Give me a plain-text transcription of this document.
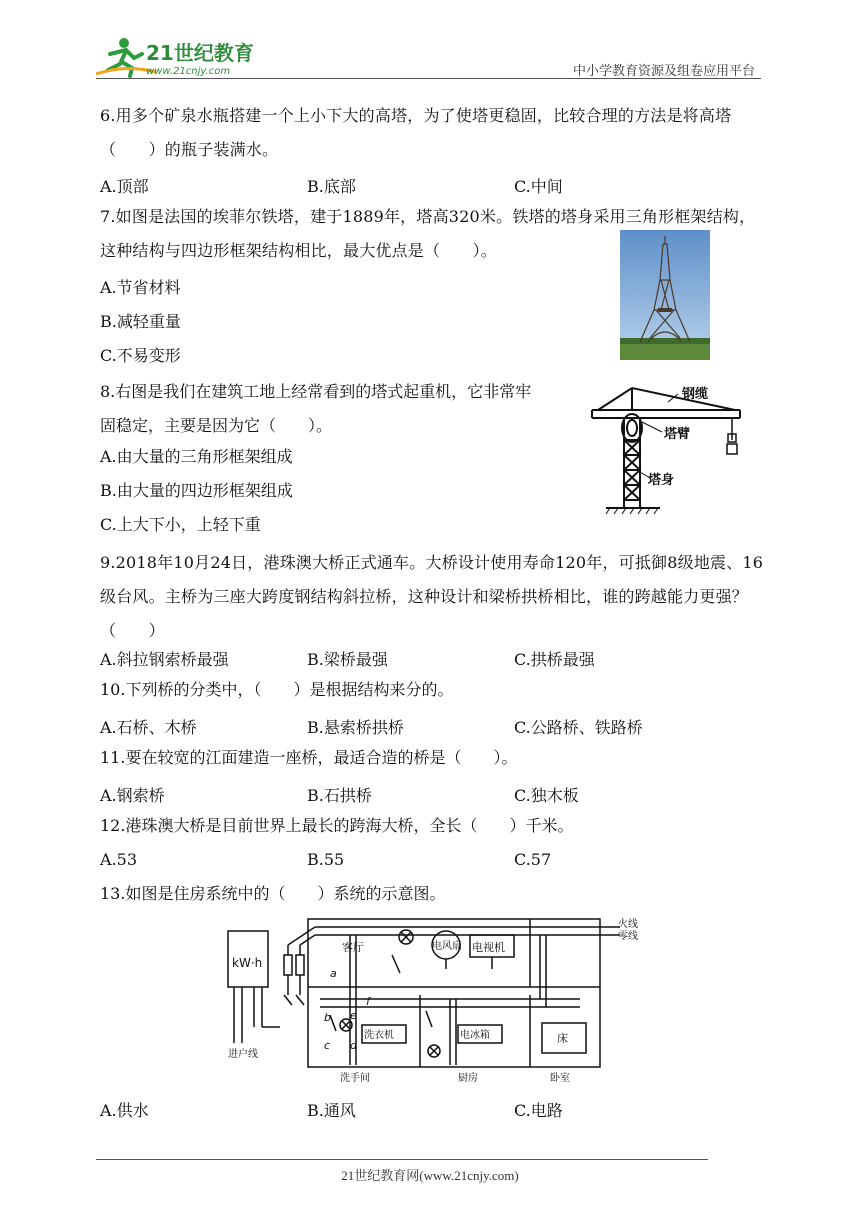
21世纪教育
www.21cnjy.com	中小学教育资源及组卷应用平台
6.用多个矿泉水瓶搭建一个上小下大的高塔，为了使塔更稳固，比较合理的方法是将高塔（　　）的瓶子装满水。
A.顶部	B.底部	C.中间
7.如图是法国的埃菲尔铁塔，建于1889年，塔高320米。铁塔的塔身采用三角形框架结构，这种结构与四边形框架结构相比，最大优点是（　　）。
A.节省材料
B.减轻重量
C.不易变形
8.右图是我们在建筑工地上经常看到的塔式起重机，它非常牢
固稳定，主要是因为它（　　）。
A.由大量的三角形框架组成
B.由大量的四边形框架组成
C.上大下小，上轻下重
钢缆
塔臂
塔身
9.2018年10月24日，港珠澳大桥正式通车。大桥设计使用寿命120年，可抵御8级地震、16级台风。主桥为三座大跨度钢结构斜拉桥，这种设计和梁桥拱桥相比，谁的跨越能力更强？（　　）
A.斜拉钢索桥最强	B.梁桥最强	C.拱桥最强
10.下列桥的分类中，（　　）是根据结构来分的。
A.石桥、木桥	B.悬索桥拱桥	C.公路桥、铁路桥
11.要在较宽的江面建造一座桥，最适合造的桥是（　　）。
A.钢索桥	B.石拱桥	C.独木板
12.港珠澳大桥是目前世界上最长的跨海大桥，全长（　　）千米。
A.53	B.55	C.57
13.如图是住房系统中的（　　）系统的示意图。
kW·h
客厅	电风扇 电视机
火线
零线
洗衣机	电冰箱	床
进户线
洗手间	厨房	卧室
a
b
c d
e
f
A.供水	B.通风	C.电路
21世纪教育网(www.21cnjy.com)
